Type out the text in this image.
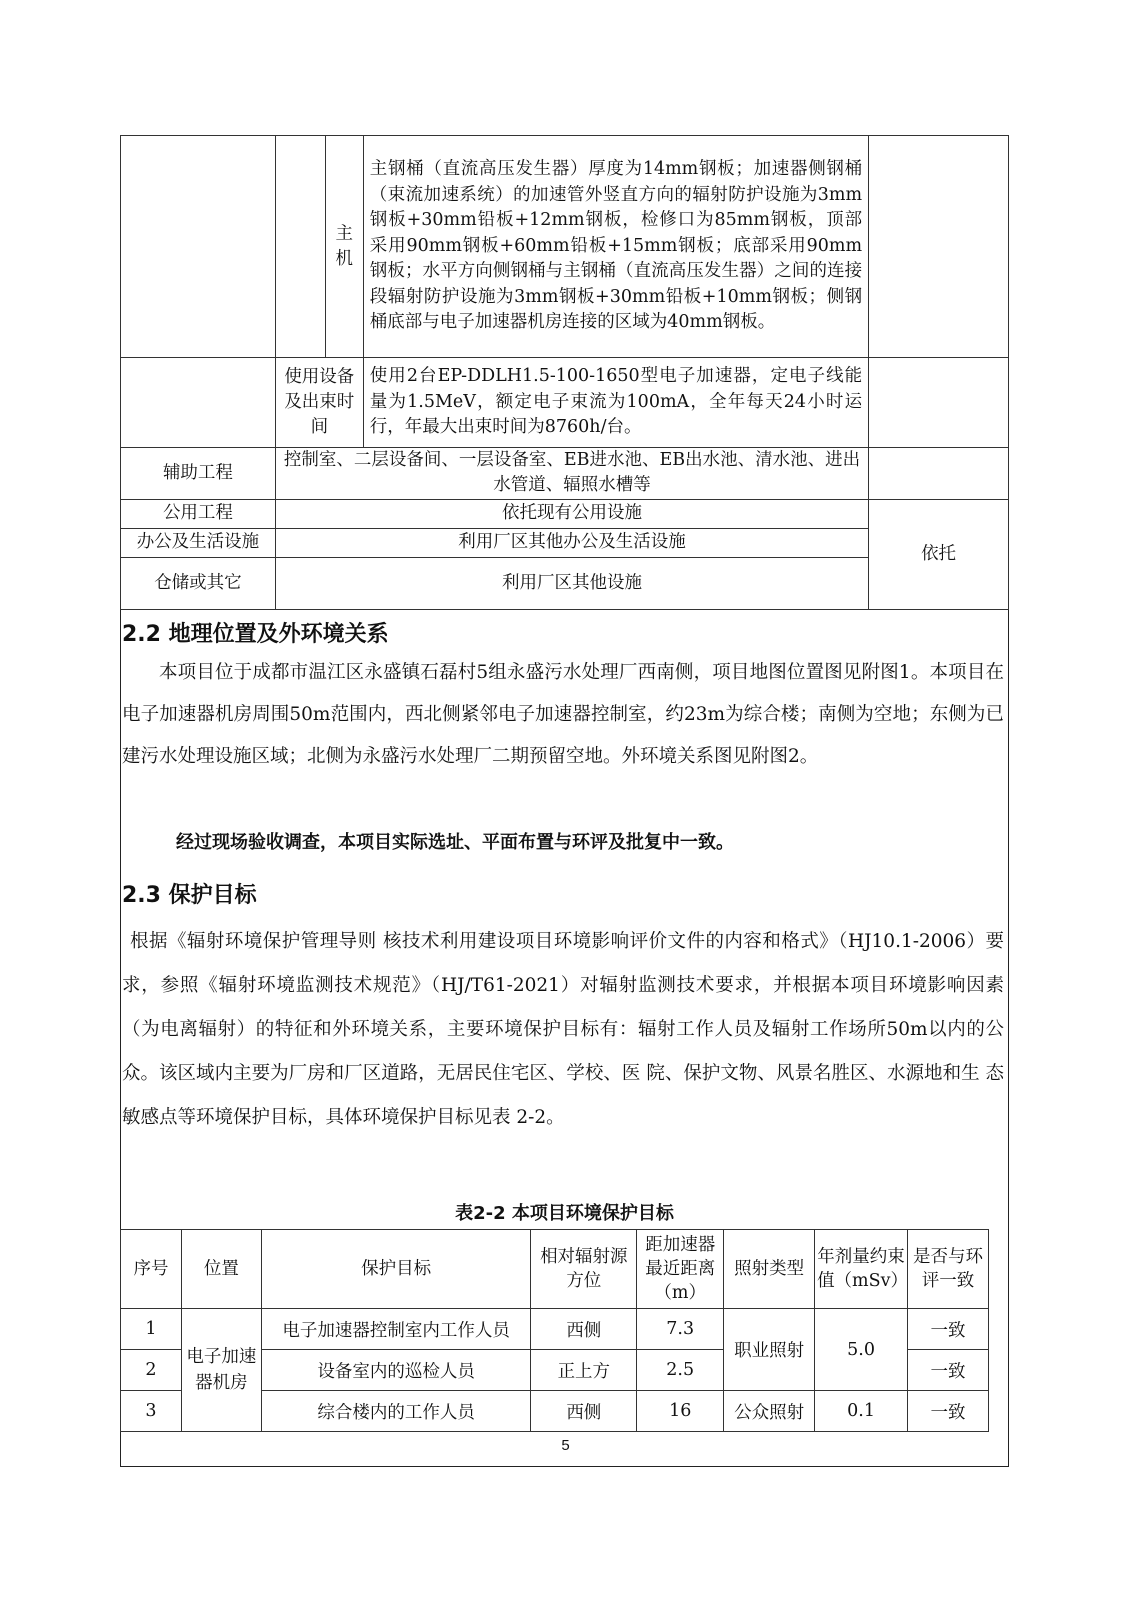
		主机	主钢桶（直流高压发生器）厚度为14mm钢板；加速器侧钢桶（束流加速系统）的加速管外竖直方向的辐射防护设施为3mm钢板+30mm铅板+12mm钢板，检修口为85mm钢板，顶部采用90mm钢板+60mm铅板+15mm钢板；底部采用90mm钢板；水平方向侧钢桶与主钢桶（直流高压发生器）之间的连接段辐射防护设施为3mm钢板+30mm铅板+10mm钢板；侧钢桶底部与电子加速器机房连接的区域为40mm钢板。	
	使用设备及出束时间		使用2台EP-DDLH1.5-100-1650型电子加速器，定电子线能量为1.5MeV，额定电子束流为100mA，全年每天24小时运行，年最大出束时间为8760h/台。	
辅助工程	控制室、二层设备间、一层设备室、EB进水池、EB出水池、清水池、进出水管道、辐照水槽等			
公用工程	依托现有公用设施			依托
办公及生活设施	利用厂区其他办公及生活设施			
仓储或其它	利用厂区其他设施			
2.2 地理位置及外环境关系
本项目位于成都市温江区永盛镇石磊村5组永盛污水处理厂西南侧，项目地图位置图见附图1。本项目在电子加速器机房周围50m范围内，西北侧紧邻电子加速器控制室，约23m为综合楼；南侧为空地；东侧为已建污水处理设施区域；北侧为永盛污水处理厂二期预留空地。外环境关系图见附图2。
经过现场验收调查，本项目实际选址、平面布置与环评及批复中一致。
2.3 保护目标
根据《辐射环境保护管理导则 核技术利用建设项目环境影响评价文件的内容和格式》（HJ10.1-2006）要求，参照《辐射环境监测技术规范》（HJ/T61-2021）对辐射监测技术要求，并根据本项目环境影响因素（为电离辐射）的特征和外环境关系，主要环境保护目标有：辐射工作人员及辐射工作场所50m以内的公众。该区域内主要为厂房和厂区道路，无居民住宅区、学校、医 院、保护文物、风景名胜区、水源地和生 态敏感点等环境保护目标，具体环境保护目标见表 2-2。
表2-2 本项目环境保护目标
序号	位置	保护目标	相对辐射源方位	距加速器最近距离（m）	照射类型	年剂量约束值（mSv）	是否与环评一致
1	电子加速器机房	电子加速器控制室内工作人员	西侧	7.3	职业照射	5.0	一致
2		设备室内的巡检人员	正上方	2.5			一致
3		综合楼内的工作人员	西侧	16	公众照射	0.1	一致
5
